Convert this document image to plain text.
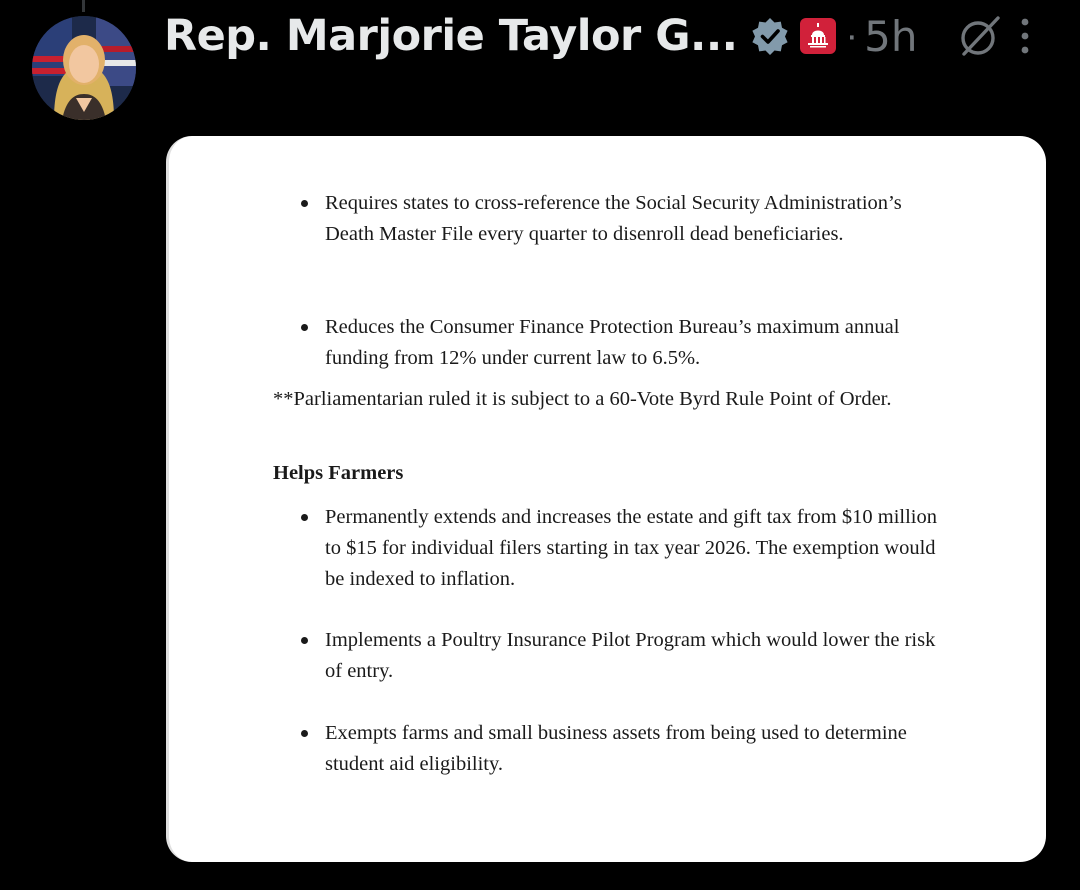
Rep. Marjorie Taylor G...	· 5h
Requires states to cross-reference the Social Security Administration’s Death Master File every quarter to disenroll dead beneficiaries.
Reduces the Consumer Finance Protection Bureau’s maximum annual funding from 12% under current law to 6.5%.
**Parliamentarian ruled it is subject to a 60-Vote Byrd Rule Point of Order.
Helps Farmers
Permanently extends and increases the estate and gift tax from $10 million to $15 for individual filers starting in tax year 2026. The exemption would be indexed to inflation.
Implements a Poultry Insurance Pilot Program which would lower the risk of entry.
Exempts farms and small business assets from being used to determine student aid eligibility.
